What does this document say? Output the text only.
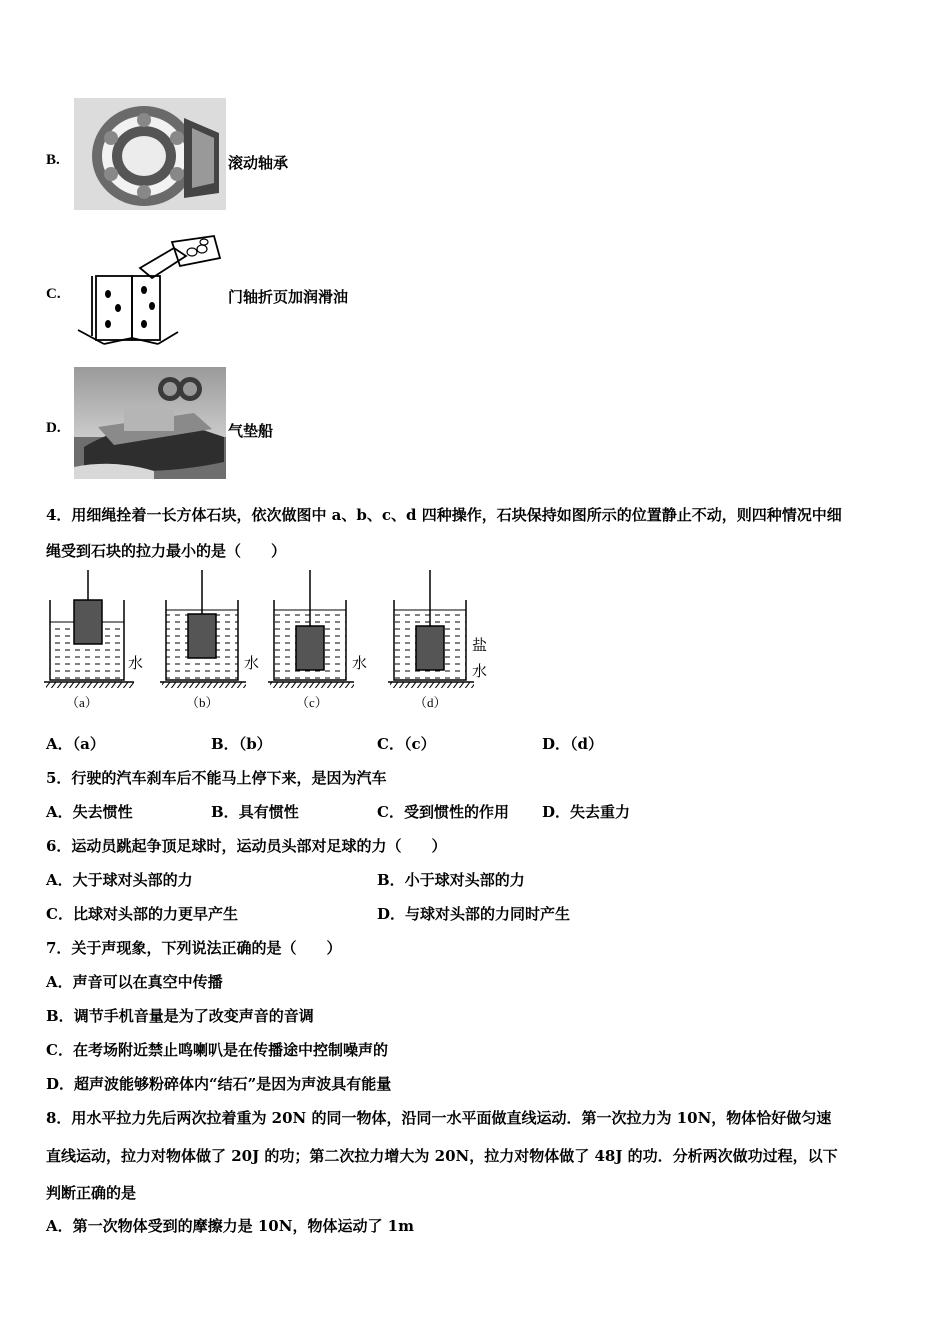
B.	滚动轴承
C.	门轴折页加润滑油
D.	气垫船
4．用细绳拴着一长方体石块，依次做图中 a、b、c、d 四种操作，石块保持如图所示的位置静止不动，则四种情况中细
绳受到石块的拉力最小的是（　　）
水	水	水
盐
水
（a）	（b）	（c）	（d）
A．（a）	B．（b）	C．（c）	D．（d）
5．行驶的汽车刹车后不能马上停下来，是因为汽车
A．失去惯性	B．具有惯性	C．受到惯性的作用 D．失去重力
6．运动员跳起争顶足球时，运动员头部对足球的力（　　）
A．大于球对头部的力	B．小于球对头部的力
C．比球对头部的力更早产生	D．与球对头部的力同时产生
7．关于声现象，下列说法正确的是（　　）
A．声音可以在真空中传播
B．调节手机音量是为了改变声音的音调
C．在考场附近禁止鸣喇叭是在传播途中控制噪声的
D．超声波能够粉碎体内“结石”是因为声波具有能量
8．用水平拉力先后两次拉着重为 20N 的同一物体，沿同一水平面做直线运动．第一次拉力为 10N，物体恰好做匀速
直线运动，拉力对物体做了 20J 的功；第二次拉力增大为 20N，拉力对物体做了 48J 的功．分析两次做功过程，以下
判断正确的是
A．第一次物体受到的摩擦力是 10N，物体运动了 1m
